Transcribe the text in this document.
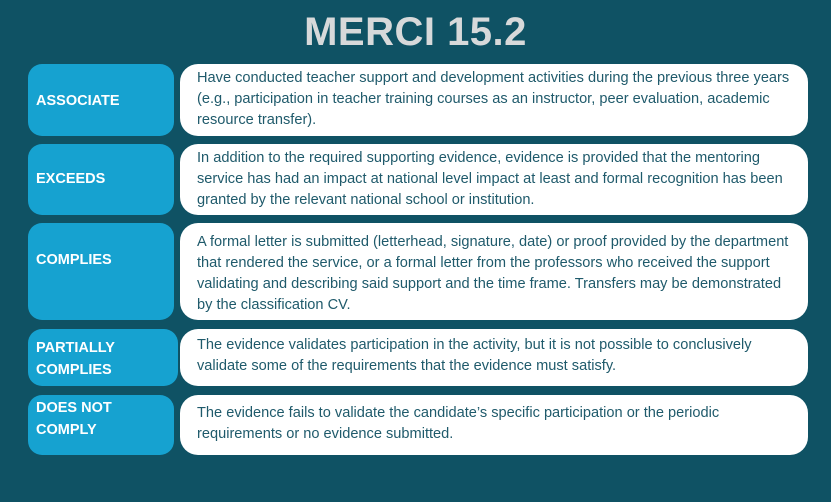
MERCI 15.2
ASSOCIATE
Have conducted teacher support and development activities during the previous three years (e.g., participation in teacher training courses as an instructor, peer evaluation, academic resource transfer).
EXCEEDS
In addition to the required supporting evidence, evidence is provided that the mentoring service has had an impact at national level impact at least and formal recognition has been granted by the relevant national school or institution.
COMPLIES
A formal letter is submitted (letterhead, signature, date) or proof provided by the department that rendered the service, or a formal letter from the professors who received the support validating and describing said support and the time frame. Transfers may be demonstrated by the classification CV.
PARTIALLY COMPLIES
The evidence validates participation in the activity, but it is not possible to conclusively validate some of the requirements that the evidence must satisfy.
DOES NOT COMPLY
The evidence fails to validate the candidate’s specific participation or the periodic requirements or no evidence submitted.
